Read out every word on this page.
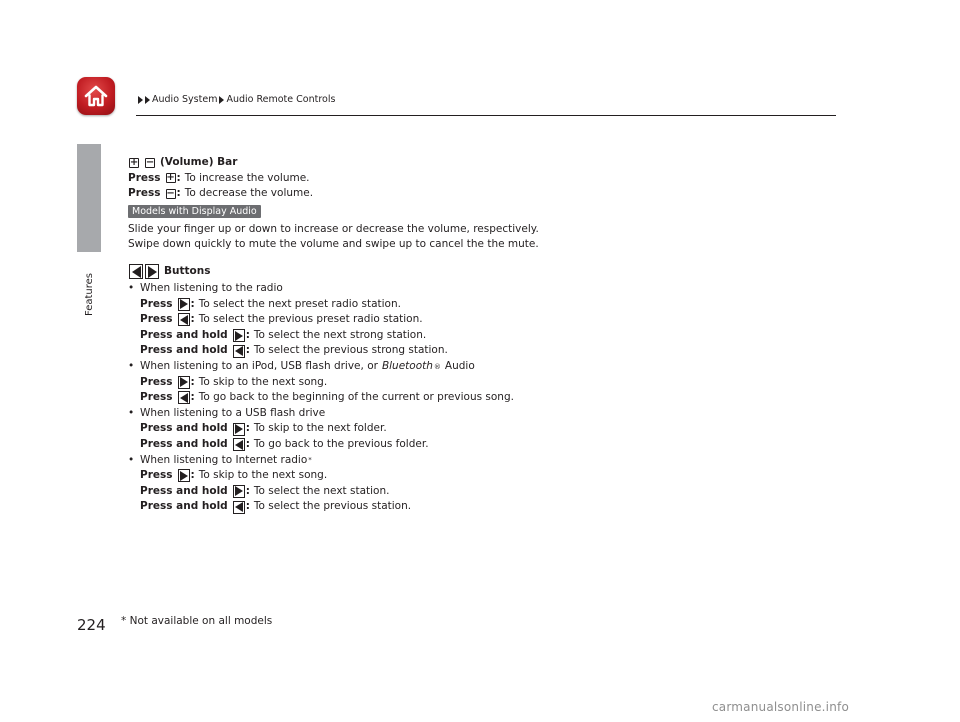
Audio System Audio Remote Controls
Features
+ − (Volume) Bar
Press + : To increase the volume.
Press − : To decrease the volume.
Models with Display Audio
Slide your finger up or down to increase or decrease the volume, respectively.
Swipe down quickly to mute the volume and swipe up to cancel the the mute.
Buttons
• When listening to the radio
Press : To select the next preset radio station.
Press : To select the previous preset radio station.
Press and hold : To select the next strong station.
Press and hold : To select the previous strong station.
• When listening to an iPod, USB flash drive, or Bluetooth ® Audio
Press : To skip to the next song.
Press : To go back to the beginning of the current or previous song.
• When listening to a USB flash drive
Press and hold : To skip to the next folder.
Press and hold : To go back to the previous folder.
• When listening to Internet radio *
Press : To skip to the next song.
Press and hold : To select the next station.
Press and hold : To select the previous station.
224 * Not available on all models
carmanualsonline.info
